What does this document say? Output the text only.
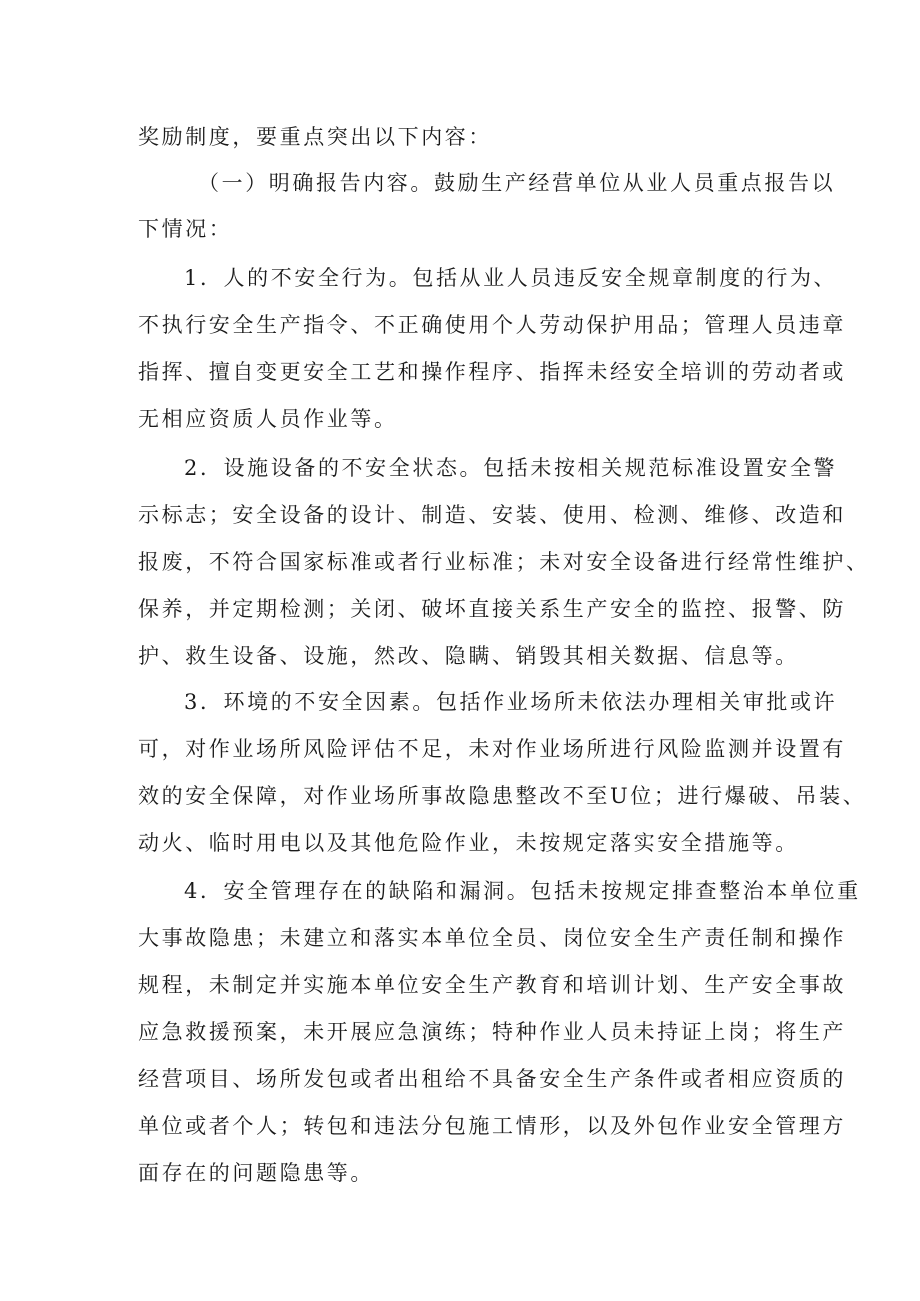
奖励制度，要重点突出以下内容：
（一）明确报告内容。鼓励生产经营单位从业人员重点报告以
下情况：
1．人的不安全行为。包括从业人员违反安全规章制度的行为、
不执行安全生产指令、不正确使用个人劳动保护用品；管理人员违章
指挥、擅自变更安全工艺和操作程序、指挥未经安全培训的劳动者或
无相应资质人员作业等。
2．设施设备的不安全状态。包括未按相关规范标准设置安全警
示标志；安全设备的设计、制造、安装、使用、检测、维修、改造和
报废，不符合国家标准或者行业标准；未对安全设备进行经常性维护、
保养，并定期检测；关闭、破坏直接关系生产安全的监控、报警、防
护、救生设备、设施，然改、隐瞒、销毁其相关数据、信息等。
3．环境的不安全因素。包括作业场所未依法办理相关审批或许
可，对作业场所风险评估不足，未对作业场所进行风险监测并设置有
效的安全保障，对作业场所事故隐患整改不至U位；进行爆破、吊装、
动火、临时用电以及其他危险作业，未按规定落实安全措施等。
4．安全管理存在的缺陷和漏洞。包括未按规定排查整治本单位重
大事故隐患；未建立和落实本单位全员、岗位安全生产责任制和操作
规程，未制定并实施本单位安全生产教育和培训计划、生产安全事故
应急救援预案，未开展应急演练；特种作业人员未持证上岗；将生产
经营项目、场所发包或者出租给不具备安全生产条件或者相应资质的
单位或者个人；转包和违法分包施工情形，以及外包作业安全管理方
面存在的问题隐患等。
